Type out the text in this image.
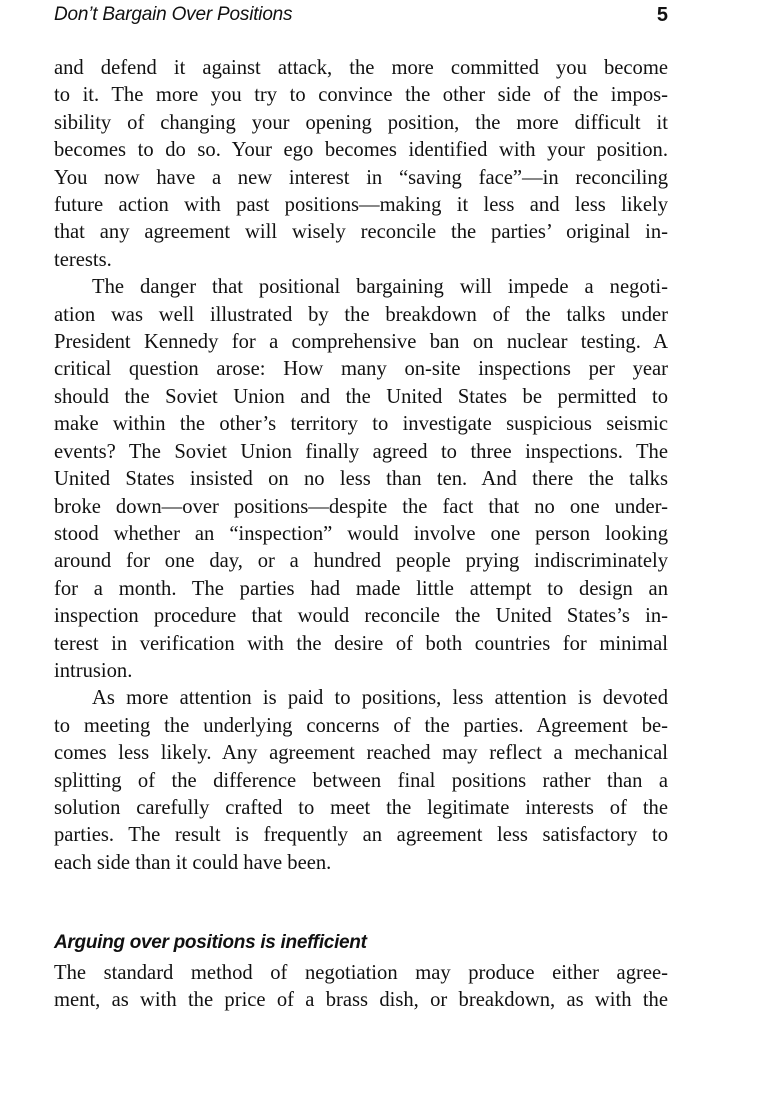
Don’t Bargain Over Positions	5

and defend it against attack, the more committed you become
to it. The more you try to convince the other side of the impos-
sibility of changing your opening position, the more difficult it
becomes to do so. Your ego becomes identified with your position.
You now have a new interest in “saving face”—in reconciling
future action with past positions—making it less and less likely
that any agreement will wisely reconcile the parties’ original in-
terests.

The danger that positional bargaining will impede a negoti-
ation was well illustrated by the breakdown of the talks under
President Kennedy for a comprehensive ban on nuclear testing. A
critical question arose: How many on-site inspections per year
should the Soviet Union and the United States be permitted to
make within the other’s territory to investigate suspicious seismic
events? The Soviet Union finally agreed to three inspections. The
United States insisted on no less than ten. And there the talks
broke down—over positions—despite the fact that no one under-
stood whether an “inspection” would involve one person looking
around for one day, or a hundred people prying indiscriminately
for a month. The parties had made little attempt to design an
inspection procedure that would reconcile the United States’s in-
terest in verification with the desire of both countries for minimal
intrusion.

As more attention is paid to positions, less attention is devoted
to meeting the underlying concerns of the parties. Agreement be-
comes less likely. Any agreement reached may reflect a mechanical
splitting of the difference between final positions rather than a
solution carefully crafted to meet the legitimate interests of the
parties. The result is frequently an agreement less satisfactory to
each side than it could have been.

Arguing over positions is inefficient
The standard method of negotiation may produce either agree-
ment, as with the price of a brass dish, or breakdown, as with the
